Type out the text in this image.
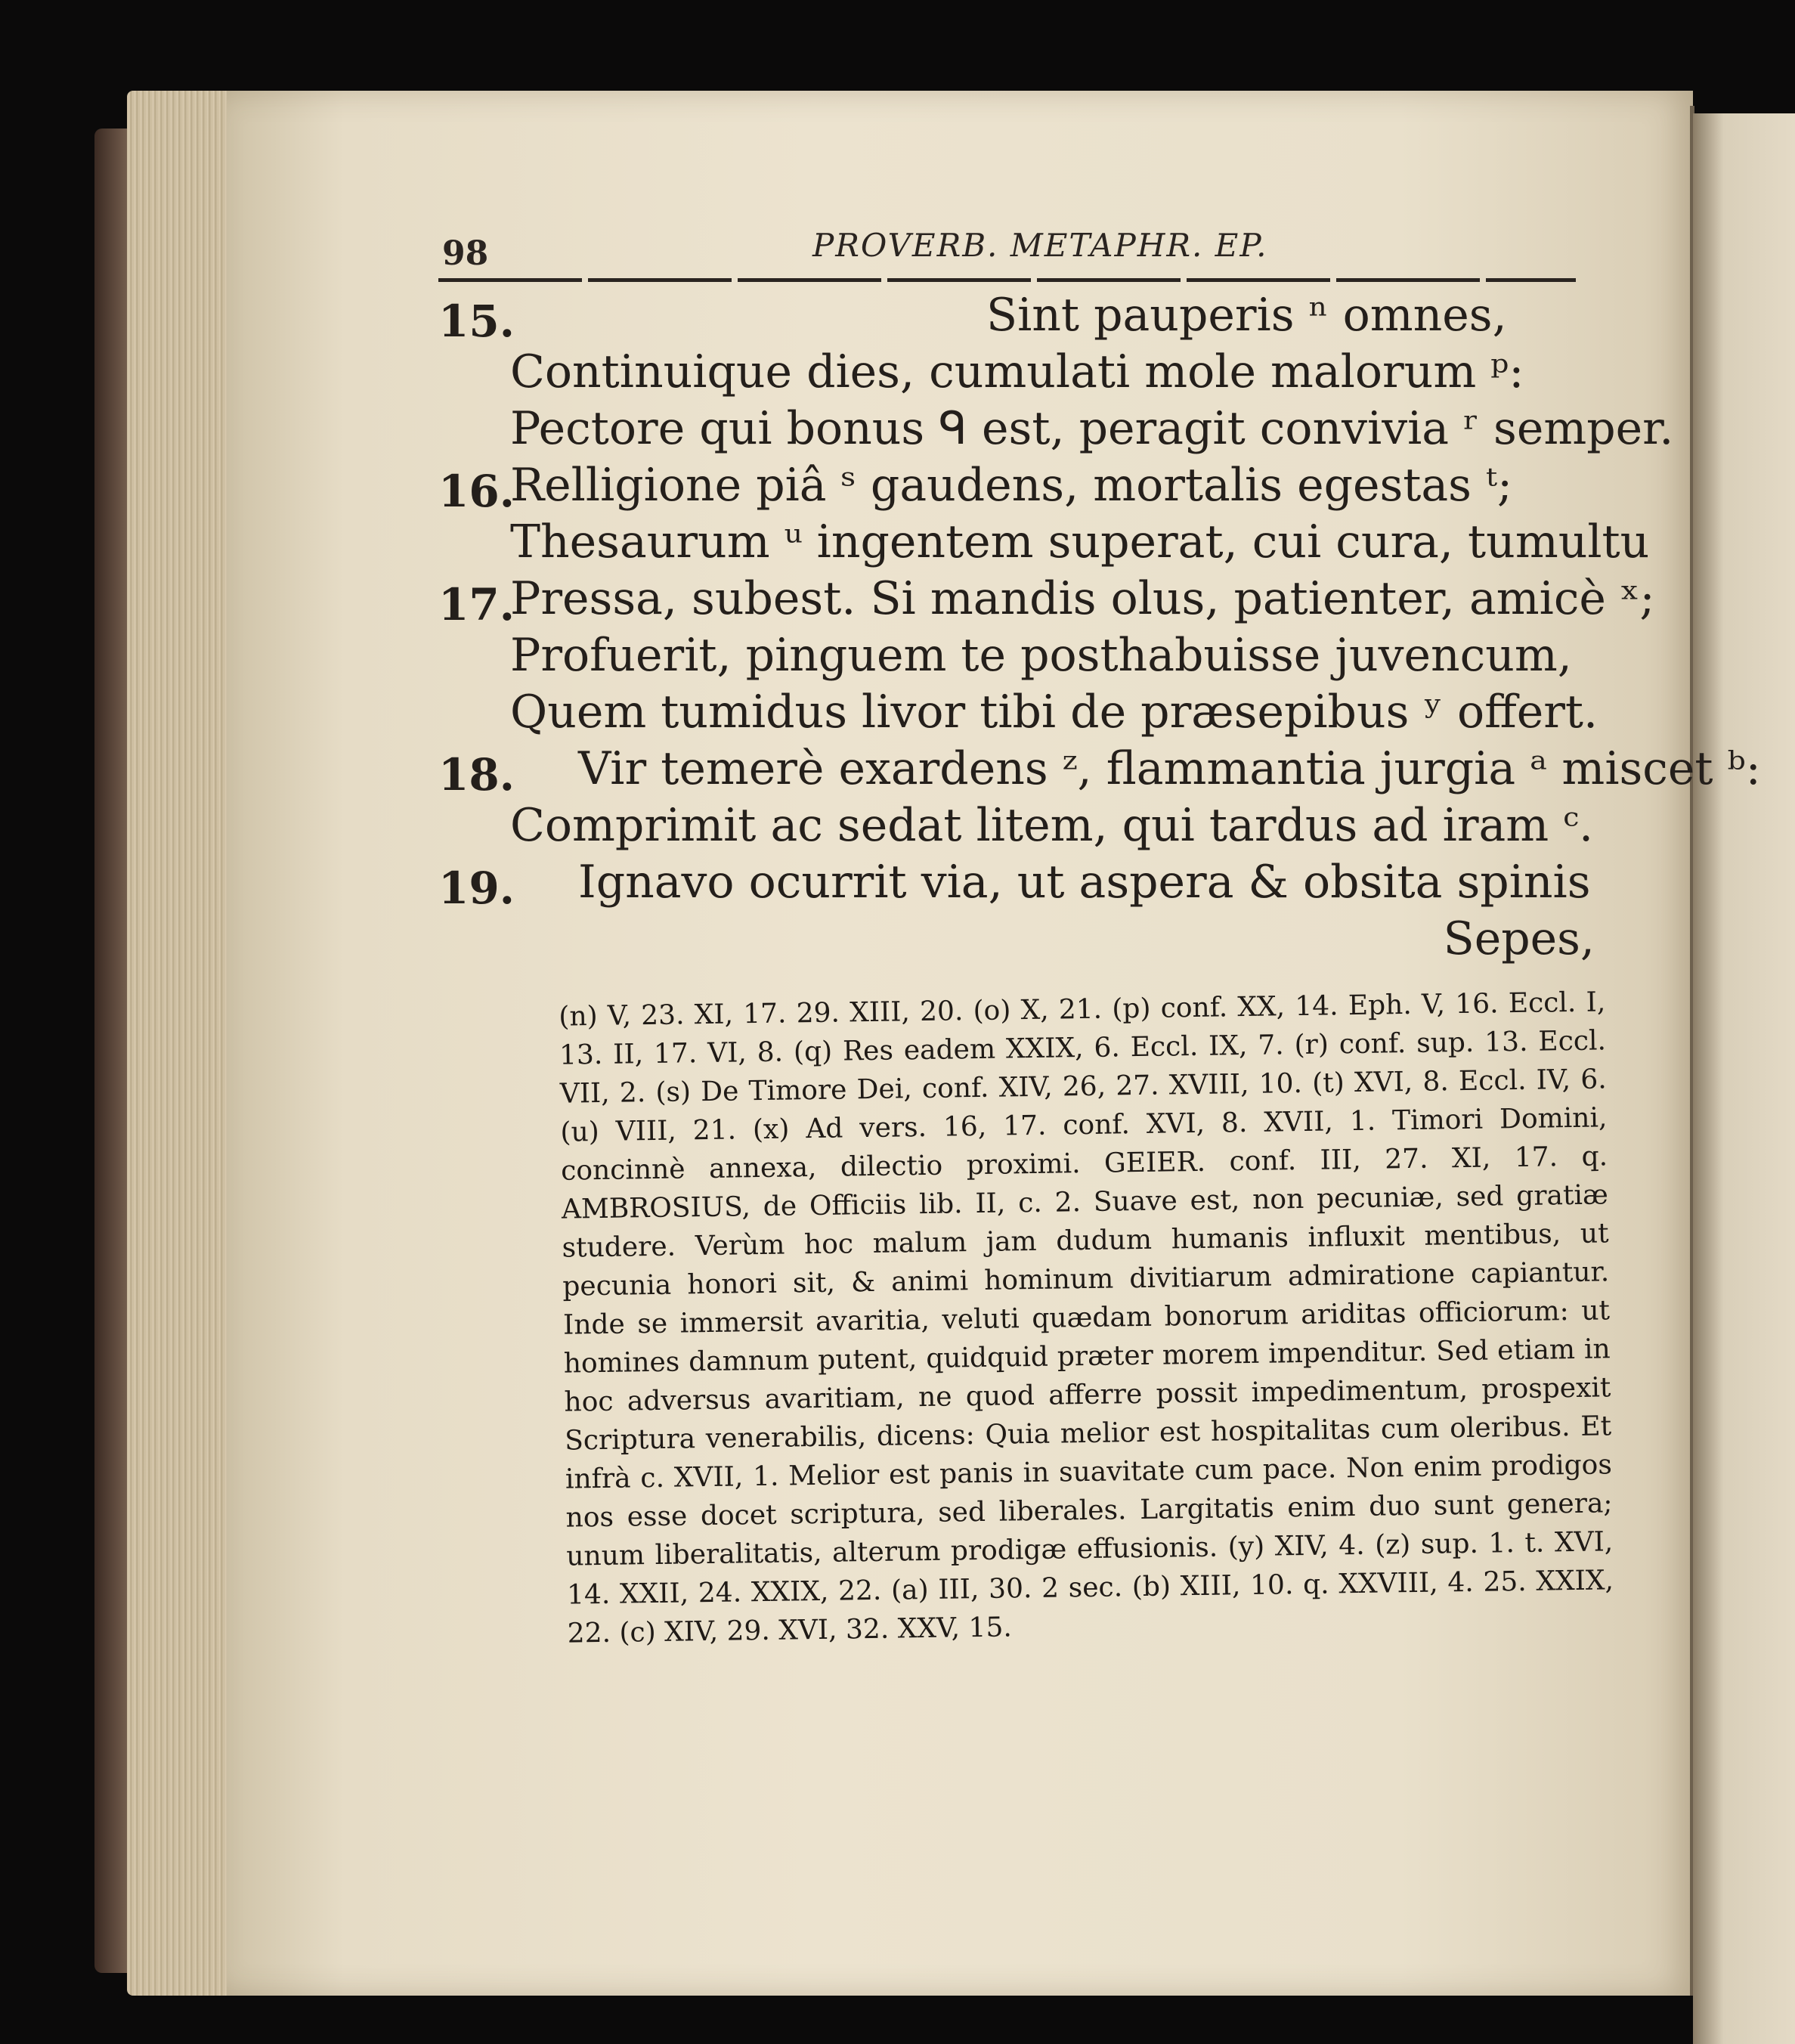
98	PROVERB. METAPHR. EP.
15.	Sint pauperis ⁿ omnes,
Continuique dies, cumulati mole malorum ᵖ:
Pectore qui bonus ᑫ est, peragit convivia ʳ semper.
16.
Relligione piâ ˢ gaudens, mortalis egestas ᵗ;
Thesaurum ᵘ ingentem superat, cui cura, tumultu
17.
Pressa, subest. Si mandis olus, patienter, amicè ˣ;
Profuerit, pinguem te posthabuisse juvencum,
Quem tumidus livor tibi de præsepibus ʸ offert.
18. Vir temerè exardens ᶻ, flammantia jurgia ᵃ miscet ᵇ:
Comprimit ac sedat litem, qui tardus ad iram ᶜ.
19. Ignavo ocurrit via, ut aspera & obsita spinis
Sepes,

(n) V, 23. XI, 17. 29. XIII, 20. (o) X, 21. (p) conf. XX, 14. Eph. V, 16. Eccl. I, 13. II, 17. VI, 8. (q) Res eadem XXIX, 6. Eccl. IX, 7. (r) conf. sup. 13. Eccl. VII, 2. (s) De Timore Dei, conf. XIV, 26, 27. XVIII, 10. (t) XVI, 8. Eccl. IV, 6. (u) VIII, 21. (x) Ad vers. 16, 17. conf. XVI, 8. XVII, 1. Timori Domini, concinnè annexa, dilectio proximi. GEIER. conf. III, 27. XI, 17. q. AMBROSIUS, de Officiis lib. II, c. 2. Suave est, non pecuniæ, sed gratiæ studere. Verùm hoc malum jam dudum humanis influxit mentibus, ut pecunia honori sit, & animi hominum divitiarum admiratione capiantur. Inde se immersit avaritia, veluti quædam bonorum ariditas officiorum: ut homines damnum putent, quidquid præter morem impenditur. Sed etiam in hoc adversus avaritiam, ne quod afferre possit impedimentum, prospexit Scriptura venerabilis, dicens: Quia melior est hospitalitas cum oleribus. Et infrà c. XVII, 1. Melior est panis in suavitate cum pace. Non enim prodigos nos esse docet scriptura, sed liberales. Largitatis enim duo sunt genera; unum liberalitatis, alterum prodigæ effusionis. (y) XIV, 4. (z) sup. 1. t. XVI, 14. XXII, 24. XXIX, 22. (a) III, 30. 2 sec. (b) XIII, 10. q. XXVIII, 4. 25. XXIX, 22. (c) XIV, 29. XVI, 32. XXV, 15.
